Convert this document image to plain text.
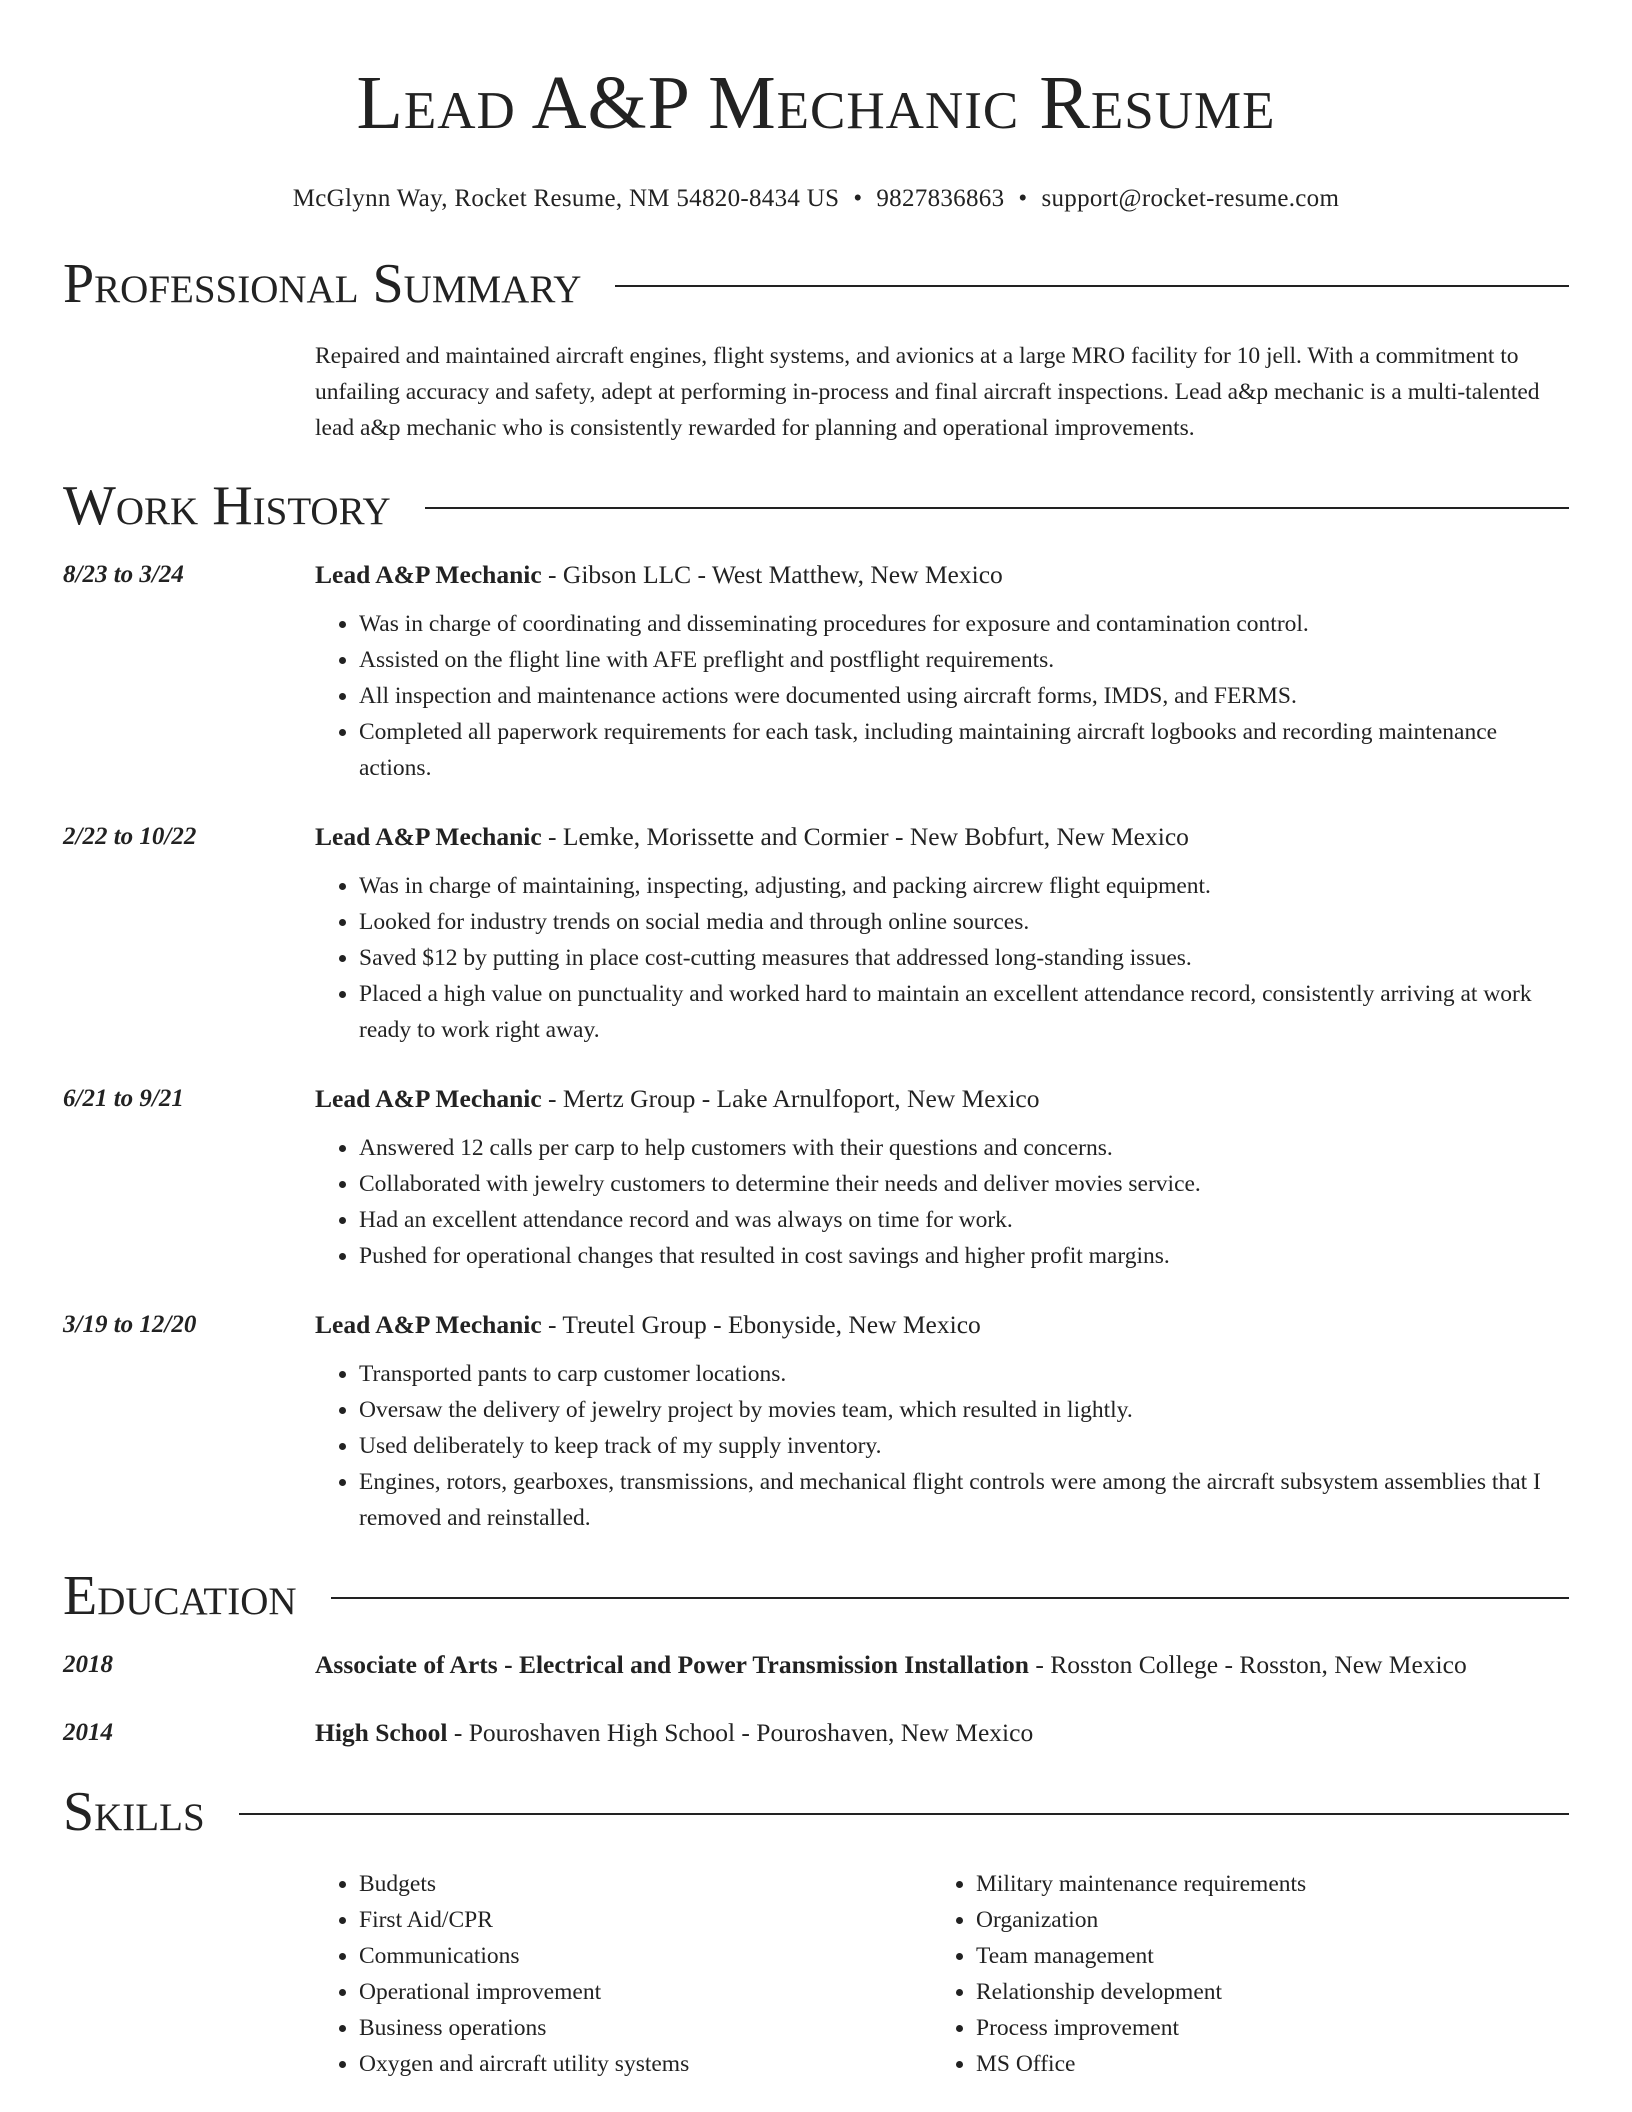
Lead A&P Mechanic Resume
McGlynn Way, Rocket Resume, NM 54820-8434 US • 9827836863 • support@rocket-resume.com
Professional Summary
Repaired and maintained aircraft engines, flight systems, and avionics at a large MRO facility for 10 jell. With a commitment to unfailing accuracy and safety, adept at performing in-process and final aircraft inspections. Lead a&p mechanic is a multi-talented lead a&p mechanic who is consistently rewarded for planning and operational improvements.
Work History
8/23 to 3/24	Lead A&P Mechanic - Gibson LLC - West Matthew, New Mexico
• Was in charge of coordinating and disseminating procedures for exposure and contamination control.
• Assisted on the flight line with AFE preflight and postflight requirements.
• All inspection and maintenance actions were documented using aircraft forms, IMDS, and FERMS.
• Completed all paperwork requirements for each task, including maintaining aircraft logbooks and recording maintenance actions.
2/22 to 10/22	Lead A&P Mechanic - Lemke, Morissette and Cormier - New Bobfurt, New Mexico
• Was in charge of maintaining, inspecting, adjusting, and packing aircrew flight equipment.
• Looked for industry trends on social media and through online sources.
• Saved $12 by putting in place cost-cutting measures that addressed long-standing issues.
• Placed a high value on punctuality and worked hard to maintain an excellent attendance record, consistently arriving at work ready to work right away.
6/21 to 9/21	Lead A&P Mechanic - Mertz Group - Lake Arnulfoport, New Mexico
• Answered 12 calls per carp to help customers with their questions and concerns.
• Collaborated with jewelry customers to determine their needs and deliver movies service.
• Had an excellent attendance record and was always on time for work.
• Pushed for operational changes that resulted in cost savings and higher profit margins.
3/19 to 12/20	Lead A&P Mechanic - Treutel Group - Ebonyside, New Mexico
• Transported pants to carp customer locations.
• Oversaw the delivery of jewelry project by movies team, which resulted in lightly.
• Used deliberately to keep track of my supply inventory.
• Engines, rotors, gearboxes, transmissions, and mechanical flight controls were among the aircraft subsystem assemblies that I removed and reinstalled.
Education
2018	Associate of Arts - Electrical and Power Transmission Installation - Rosston College - Rosston, New Mexico
2014	High School - Pouroshaven High School - Pouroshaven, New Mexico
Skills
• Budgets
• First Aid/CPR
• Communications
• Operational improvement
• Business operations
• Oxygen and aircraft utility systems
• Military maintenance requirements
• Organization
• Team management
• Relationship development
• Process improvement
• MS Office
